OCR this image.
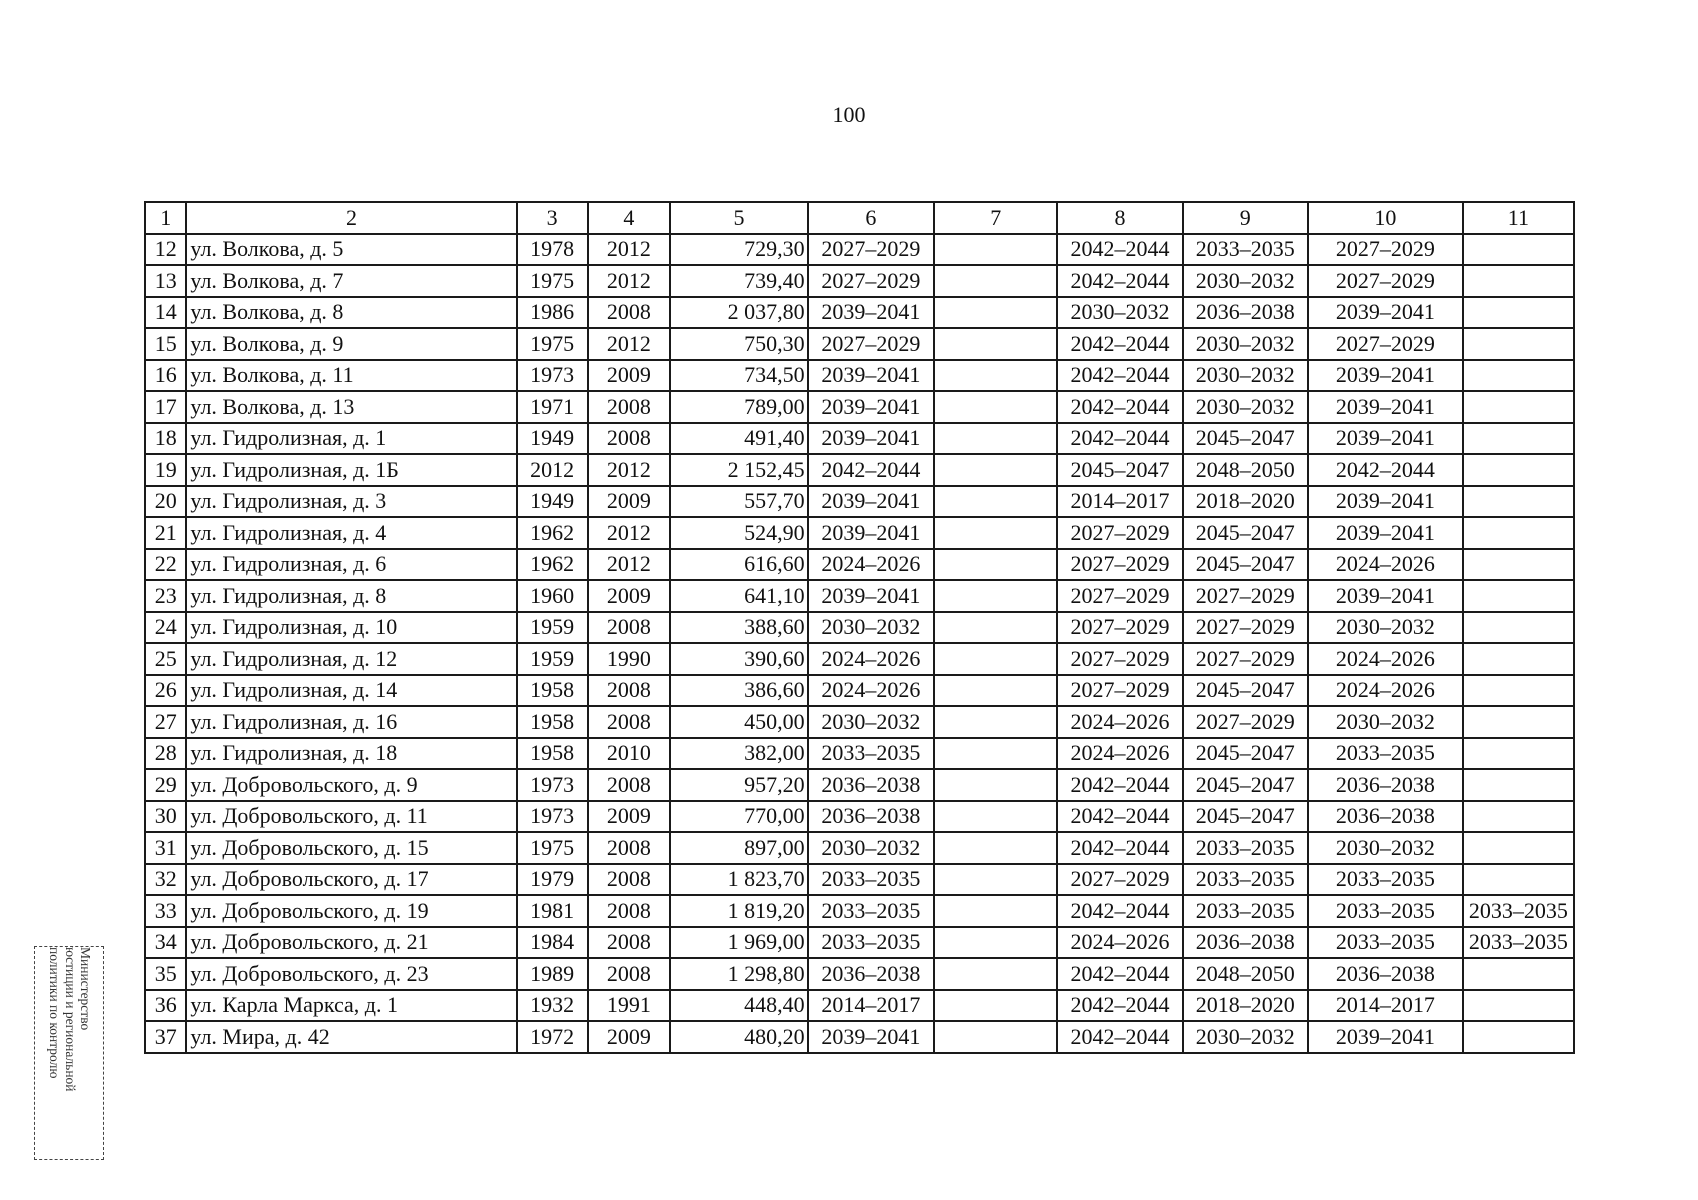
100
1	2	3	4	5	6	7	8	9	10	11
12	ул. Волкова, д. 5	1978	2012	729,30	2027–2029		2042–2044	2033–2035	2027–2029	
13	ул. Волкова, д. 7	1975	2012	739,40	2027–2029		2042–2044	2030–2032	2027–2029	
14	ул. Волкова, д. 8	1986	2008	2 037,80	2039–2041		2030–2032	2036–2038	2039–2041	
15	ул. Волкова, д. 9	1975	2012	750,30	2027–2029		2042–2044	2030–2032	2027–2029	
16	ул. Волкова, д. 11	1973	2009	734,50	2039–2041		2042–2044	2030–2032	2039–2041	
17	ул. Волкова, д. 13	1971	2008	789,00	2039–2041		2042–2044	2030–2032	2039–2041	
18	ул. Гидролизная, д. 1	1949	2008	491,40	2039–2041		2042–2044	2045–2047	2039–2041	
19	ул. Гидролизная, д. 1Б	2012	2012	2 152,45	2042–2044		2045–2047	2048–2050	2042–2044	
20	ул. Гидролизная, д. 3	1949	2009	557,70	2039–2041		2014–2017	2018–2020	2039–2041	
21	ул. Гидролизная, д. 4	1962	2012	524,90	2039–2041		2027–2029	2045–2047	2039–2041	
22	ул. Гидролизная, д. 6	1962	2012	616,60	2024–2026		2027–2029	2045–2047	2024–2026	
23	ул. Гидролизная, д. 8	1960	2009	641,10	2039–2041		2027–2029	2027–2029	2039–2041	
24	ул. Гидролизная, д. 10	1959	2008	388,60	2030–2032		2027–2029	2027–2029	2030–2032	
25	ул. Гидролизная, д. 12	1959	1990	390,60	2024–2026		2027–2029	2027–2029	2024–2026	
26	ул. Гидролизная, д. 14	1958	2008	386,60	2024–2026		2027–2029	2045–2047	2024–2026	
27	ул. Гидролизная, д. 16	1958	2008	450,00	2030–2032		2024–2026	2027–2029	2030–2032	
28	ул. Гидролизная, д. 18	1958	2010	382,00	2033–2035		2024–2026	2045–2047	2033–2035	
29	ул. Добровольского, д. 9	1973	2008	957,20	2036–2038		2042–2044	2045–2047	2036–2038	
30	ул. Добровольского, д. 11	1973	2009	770,00	2036–2038		2042–2044	2045–2047	2036–2038	
31	ул. Добровольского, д. 15	1975	2008	897,00	2030–2032		2042–2044	2033–2035	2030–2032	
32	ул. Добровольского, д. 17	1979	2008	1 823,70	2033–2035		2027–2029	2033–2035	2033–2035	
33	ул. Добровольского, д. 19	1981	2008	1 819,20	2033–2035		2042–2044	2033–2035	2033–2035	2033–2035
34	ул. Добровольского, д. 21	1984	2008	1 969,00	2033–2035		2024–2026	2036–2038	2033–2035	2033–2035
35	ул. Добровольского, д. 23	1989	2008	1 298,80	2036–2038		2042–2044	2048–2050	2036–2038	
36	ул. Карла Маркса, д. 1	1932	1991	448,40	2014–2017		2042–2044	2018–2020	2014–2017	
37	ул. Мира, д. 42	1972	2009	480,20	2039–2041		2042–2044	2030–2032	2039–2041	
Министерство
юстиции и региональной
политики по контролю
